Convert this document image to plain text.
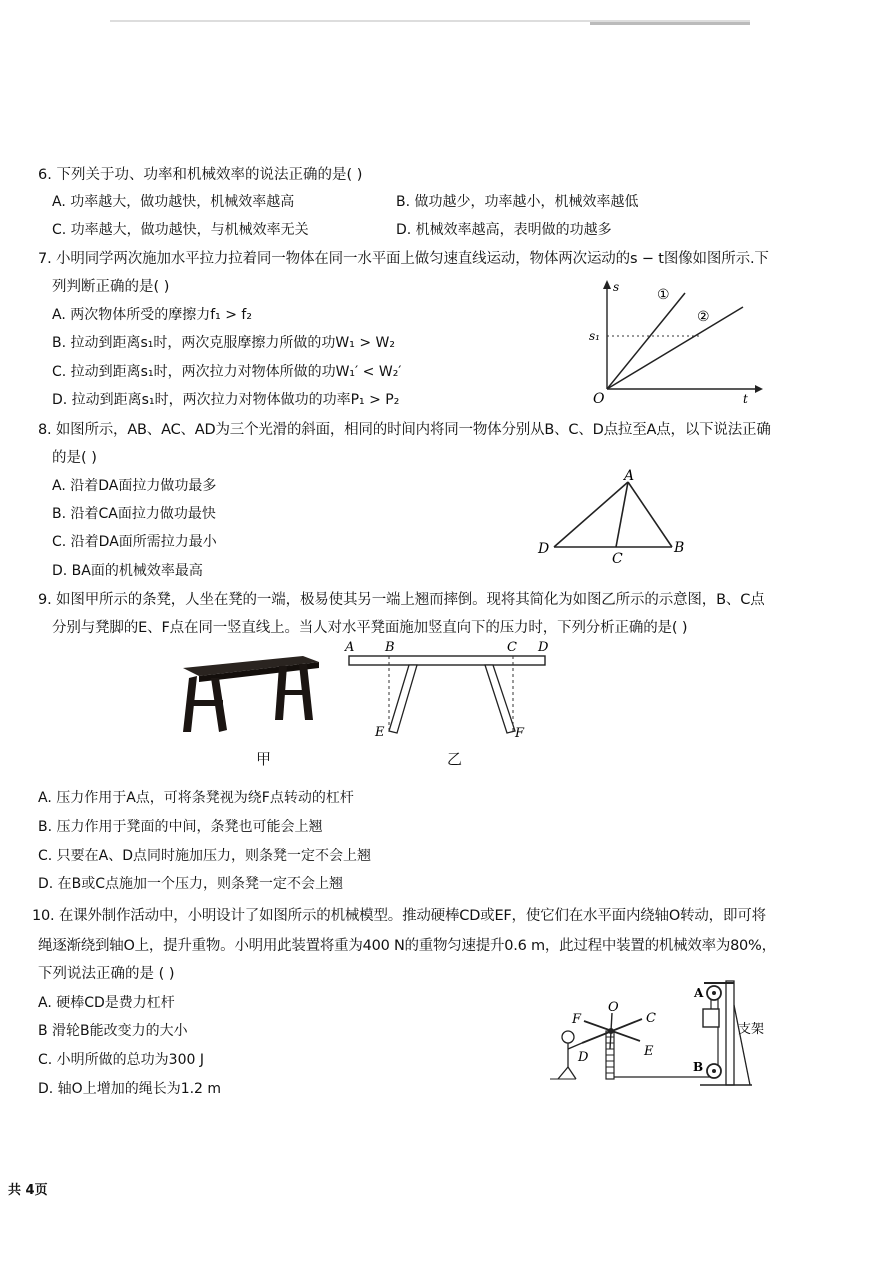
6. 下列关于功、功率和机械效率的说法正确的是( )
A. 功率越大，做功越快，机械效率越高	B. 做功越少，功率越小，机械效率越低
C. 功率越大，做功越快，与机械效率无关	D. 机械效率越高，表明做的功越多
7. 小明同学两次施加水平拉力拉着同一物体在同一水平面上做匀速直线运动，物体两次运动的s − t图像如图所示.下
列判断正确的是( )
A. 两次物体所受的摩擦力f₁ > f₂
B. 拉动到距离s₁时，两次克服摩擦力所做的功W₁ > W₂
C. 拉动到距离s₁时，两次拉力对物体所做的功W₁′ < W₂′
D. 拉动到距离s₁时，两次拉力对物体做功的功率P₁ > P₂
s
t
O
s₁
①
②
8. 如图所示，AB、AC、AD为三个光滑的斜面，相同的时间内将同一物体分别从B、C、D点拉至A点，以下说法正确
的是( )
A. 沿着DA面拉力做功最多
B. 沿着CA面拉力做功最快
C. 沿着DA面所需拉力最小
D. BA面的机械效率最高
A
B
C
D
9. 如图甲所示的条凳，人坐在凳的一端，极易使其另一端上翘而摔倒。现将其简化为如图乙所示的示意图，B、C点
分别与凳脚的E、F点在同一竖直线上。当人对水平凳面施加竖直向下的压力时，下列分析正确的是( )
甲
A B	C D
E	F
乙
A. 压力作用于A点，可将条凳视为绕F点转动的杠杆
B. 压力作用于凳面的中间，条凳也可能会上翘
C. 只要在A、D点同时施加压力，则条凳一定不会上翘
D. 在B或C点施加一个压力，则条凳一定不会上翘
10. 在课外制作活动中，小明设计了如图所示的机械模型。推动硬棒CD或EF，使它们在水平面内绕轴O转动，即可将
绳逐渐绕到轴O上，提升重物。小明用此装置将重为400 N的重物匀速提升0.6 m，此过程中装置的机械效率为80%，
下列说法正确的是 ( )
A. 硬棒CD是费力杠杆
B 滑轮B能改变力的大小
C. 小明所做的总功为300 J
D. 轴O上增加的绳长为1.2 m
F
O
C
D	E
A
B
支架
共 4页
